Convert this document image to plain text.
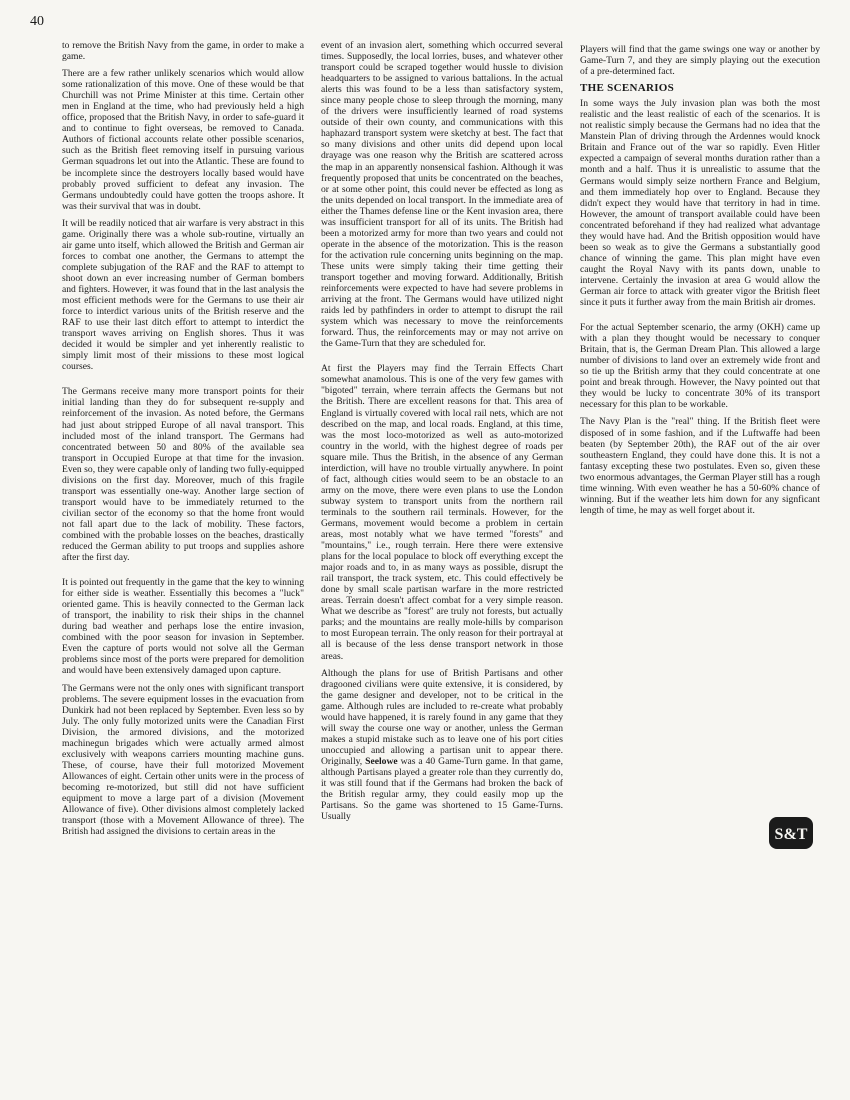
40

to remove the British Navy from the game, in order to make a game.

There are a few rather unlikely scenarios which would allow some rationalization of this move. One of these would be that Churchill was not Prime Minister at this time. Certain other men in England at the time, who had previously held a high office, proposed that the British Navy, in order to safe-guard it and to continue to fight overseas, be removed to Canada. Authors of fictional accounts relate other possible scenarios, such as the British fleet removing itself in pursuing various German squadrons let out into the Atlantic. These are found to be incomplete since the destroyers locally based would have probably proved sufficient to defeat any invasion. The Germans undoubtedly could have gotten the troops ashore. It was their survival that was in doubt.

It will be readily noticed that air warfare is very abstract in this game. Originally there was a whole sub-routine, virtually an air game unto itself, which allowed the British and German air forces to combat one another, the Germans to attempt the complete subjugation of the RAF and the RAF to attempt to shoot down an ever increasing number of German bombers and fighters. However, it was found that in the last analysis the most efficient methods were for the Germans to use their air force to interdict various units of the British reserve and the RAF to use their last ditch effort to attempt to interdict the transport waves arriving on English shores. Thus it was decided it would be simpler and yet inherently realistic to simply limit most of their missions to these most logical courses.

The Germans receive many more transport points for their initial landing than they do for subsequent re-supply and reinforcement of the invasion. As noted before, the Germans had just about stripped Europe of all naval transport. This included most of the inland transport. The Germans had concentrated between 50 and 80% of the available sea transport in Occupied Europe at that time for the invasion. Even so, they were capable only of landing two fully-equipped divisions on the first day. Moreover, much of this fragile transport was essentially one-way. Another large section of transport would have to be immediately returned to the civilian sector of the economy so that the home front would not fall apart due to the lack of mobility. These factors, combined with the probable losses on the beaches, drastically reduced the German ability to put troops and supplies ashore after the first day.

It is pointed out frequently in the game that the key to winning for either side is weather. Essentially this becomes a "luck" oriented game. This is heavily connected to the German lack of transport, the inability to risk their ships in the channel during bad weather and perhaps lose the entire invasion, combined with the poor season for invasion in September. Even the capture of ports would not solve all the German problems since most of the ports were prepared for demolition and would have been extensively damaged upon capture.

The Germans were not the only ones with significant transport problems. The severe equipment losses in the evacuation from Dunkirk had not been replaced by September. Even less so by July. The only fully motorized units were the Canadian First Division, the armored divisions, and the motorized machinegun brigades which were actually armed almost exclusively with weapons carriers mounting machine guns. These, of course, have their full motorized Movement Allowances of eight. Certain other units were in the process of becoming re-motorized, but still did not have sufficient equipment to move a large part of a division (Movement Allowance of five). Other divisions almost completely lacked transport (those with a Movement Allowance of three). The British had assigned the divisions to certain areas in the

event of an invasion alert, something which occurred several times. Supposedly, the local lorries, buses, and whatever other transport could be scraped together would hussle to division headquarters to be assigned to various battalions. In the actual alerts this was found to be a less than satisfactory system, since many people chose to sleep through the morning, many of the drivers were insufficiently learned of road systems outside of their own county, and communications with this haphazard transport system were sketchy at best. The fact that so many divisions and other units did depend upon local drayage was one reason why the British are scattered across the map in an apparently nonsensical fashion. Although it was frequently proposed that units be concentrated on the beaches, or at some other point, this could never be effected as long as the units depended on local transport. In the immediate area of either the Thames defense line or the Kent invasion area, there was insufficient transport for all of its units. The British had been a motorized army for more than two years and could not operate in the absence of the motorization. This is the reason for the activation rule concerning units beginning on the map. These units were simply taking their time getting their transport together and moving forward. Additionally, British reinforcements were expected to have had severe problems in arriving at the front. The Germans would have utilized night raids led by pathfinders in order to attempt to disrupt the rail system which was necessary to move the reinforcements forward. Thus, the reinforcements may or may not arrive on the Game-Turn that they are scheduled for.

At first the Players may find the Terrain Effects Chart somewhat anamolous. This is one of the very few games with "bigoted" terrain, where terrain affects the Germans but not the British. There are excellent reasons for that. This area of England is virtually covered with local rail nets, which are not described on the map, and local roads. England, at this time, was the most loco-motorized as well as auto-motorized country in the world, with the highest degree of roads per square mile. Thus the British, in the absence of any German interdiction, will have no trouble virtually anywhere. In point of fact, although cities would seem to be an obstacle to an army on the move, there were even plans to use the London subway system to transport units from the northern rail terminals to the southern rail terminals. However, for the Germans, movement would become a problem in certain areas, most notably what we have termed "forests" and "mountains," i.e., rough terrain. Here there were extensive plans for the local populace to block off everything except the major roads and to, in as many ways as possible, disrupt the rail transport, the track system, etc. This could effectively be done by small scale partisan warfare in the more restricted areas. Terrain doesn't affect combat for a very simple reason. What we describe as "forest" are truly not forests, but actually parks; and the mountains are really mole-hills by comparison to most European terrain. The only reason for their portrayal at all is because of the less dense transport network in those areas.

Although the plans for use of British Partisans and other dragooned civilians were quite extensive, it is considered, by the game designer and developer, not to be critical in the game. Although rules are included to re-create what probably would have happened, it is rarely found in any game that they will sway the course one way or another, unless the German makes a stupid mistake such as to leave one of his port cities unoccupied and allowing a partisan unit to appear there. Originally, Seelowe was a 40 Game-Turn game. In that game, although Partisans played a greater role than they currently do, it was still found that if the Germans had broken the back of the British regular army, they could easily mop up the Partisans. So the game was shortened to 15 Game-Turns. Usually

Players will find that the game swings one way or another by Game-Turn 7, and they are simply playing out the execution of a pre-determined fact.

THE SCENARIOS

In some ways the July invasion plan was both the most realistic and the least realistic of each of the scenarios. It is not realistic simply because the Germans had no idea that the Manstein Plan of driving through the Ardennes would knock Britain and France out of the war so rapidly. Even Hitler expected a campaign of several months duration rather than a month and a half. Thus it is unrealistic to assume that the Germans would simply seize northern France and Belgium, and them immediately hop over to England. Because they didn't expect they would have that territory in had in time. However, the amount of transport available could have been concentrated beforehand if they had realized what advantage they would have had. And the British opposition would have been so weak as to give the Germans a substantially good chance of winning the game. This plan might have even caught the Royal Navy with its pants down, unable to intervene. Certainly the invasion at area G would allow the German air force to attack with greater vigor the British fleet since it puts it further away from the main British air dromes.

For the actual September scenario, the army (OKH) came up with a plan they thought would be necessary to conquer Britain, that is, the German Dream Plan. This allowed a large number of divisions to land over an extremely wide front and so tie up the British army that they could concentrate at one point and break through. However, the Navy pointed out that they would be lucky to concentrate 30% of its transport necessary for this plan to be workable.

The Navy Plan is the "real" thing. If the British fleet were disposed of in some fashion, and if the Luftwaffe had been beaten (by September 20th), the RAF out of the air over southeastern England, they could have done this. It is not a fantasy excepting these two postulates. Even so, given these two enormous advantages, the German Player still has a rough time winning. With even weather he has a 50-60% chance of winning. But if the weather lets him down for any signficant length of time, he may as well forget about it.

S&T
